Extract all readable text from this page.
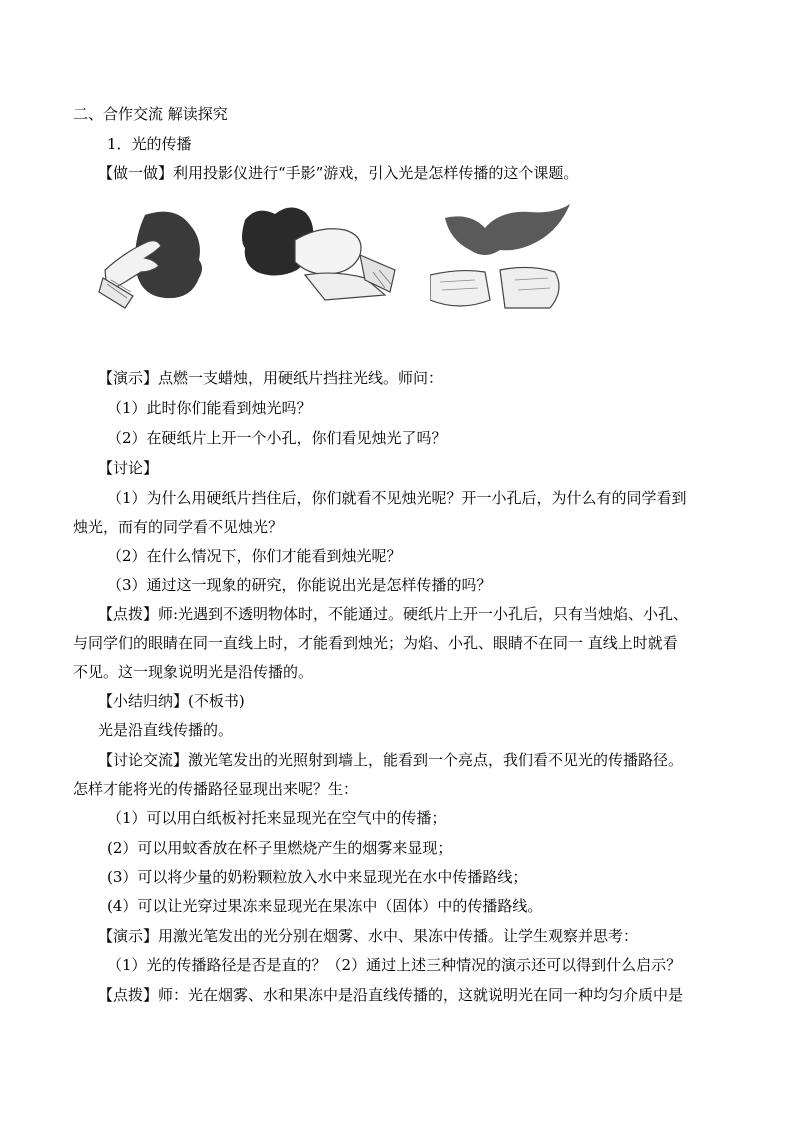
二、合作交流 解读探究
1．光的传播
【做一做】利用投影仪进行“手影”游戏，引入光是怎样传播的这个课题。
【演示】点燃一支蜡烛，用硬纸片挡拄光线。师问：
（1）此时你们能看到烛光吗？
（2）在硬纸片上开一个小孔，你们看见烛光了吗？
【讨论】
（1）为什么用硬纸片挡住后，你们就看不见烛光呢？开一小孔后，为什么有的同学看到
烛光，而有的同学看不见烛光？
（2）在什么情况下，你们才能看到烛光呢？
（3）通过这一现象的研究，你能说出光是怎样传播的吗？
【点拨】师:光遇到不透明物体时，不能通过。硬纸片上开一小孔后，只有当烛焰、小孔、
与同学们的眼睛在同一直线上时，才能看到烛光；为焰、小孔、眼睛不在同一 直线上时就看
不见。这一现象说明光是沿传播的。
【小结归纳】(不板书)
光是沿直线传播的。
【讨论交流】激光笔发出的光照射到墙上，能看到一个亮点，我们看不见光的传播路径。
怎样才能将光的传播路径显现出来呢？生：
（1）可以用白纸板衬托来显现光在空气中的传播；
(2）可以用蚊香放在杯子里燃烧产生的烟雾来显现；
(3）可以将少量的奶粉颗粒放入水中来显现光在水中传播路线；
(4）可以让光穿过果冻来显现光在果冻中（固体）中的传播路线。
【演示】用激光笔发出的光分别在烟雾、水中、果冻中传播。让学生观察并思考：
（1）光的传播路径是否是直的？（2）通过上述三种情况的演示还可以得到什么启示？
【点拨】师：光在烟雾、水和果冻中是沿直线传播的，这就说明光在同一种均匀介质中是
